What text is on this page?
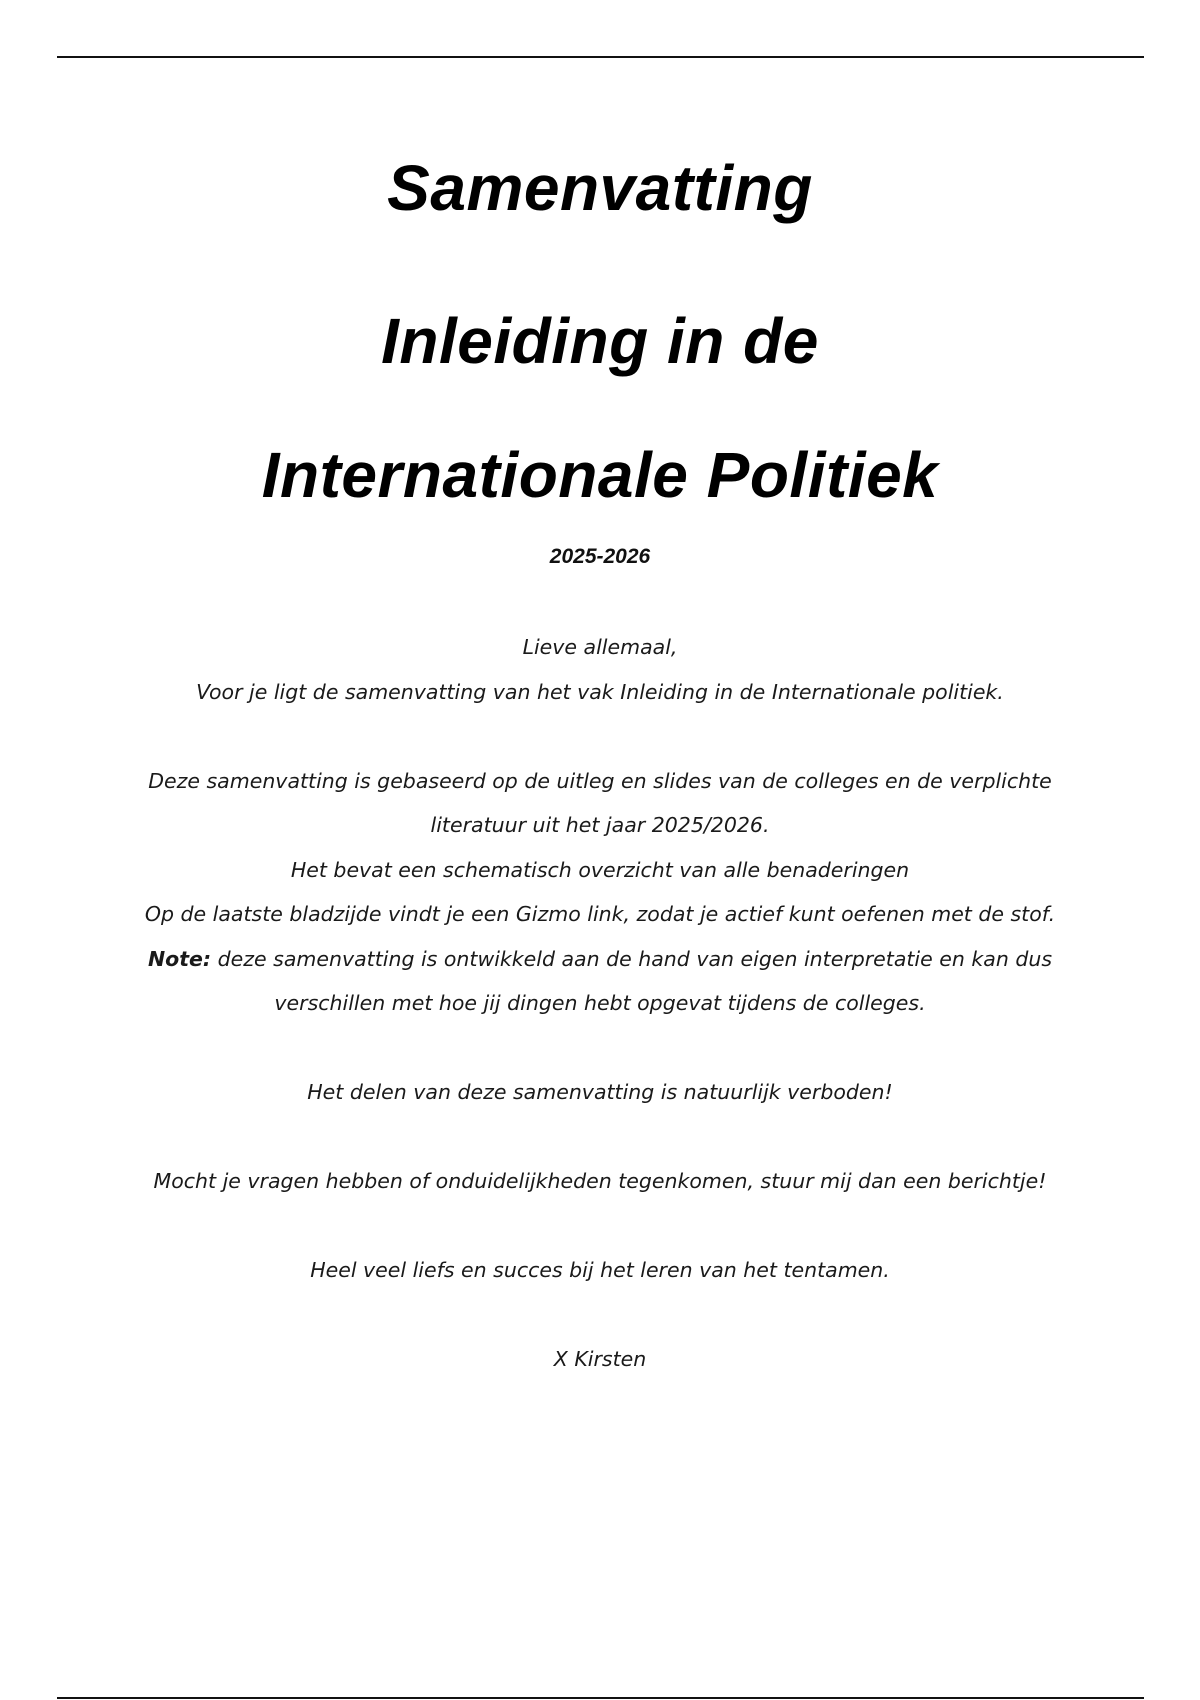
Samenvatting
Inleiding in de
Internationale Politiek
2025-2026

Lieve allemaal,

Voor je ligt de samenvatting van het vak Inleiding in de Internationale politiek.

Deze samenvatting is gebaseerd op de uitleg en slides van de colleges en de verplichte literatuur uit het jaar 2025/2026.

Het bevat een schematisch overzicht van alle benaderingen

Op de laatste bladzijde vindt je een Gizmo link, zodat je actief kunt oefenen met de stof.

Note: deze samenvatting is ontwikkeld aan de hand van eigen interpretatie en kan dus verschillen met hoe jij dingen hebt opgevat tijdens de colleges.

Het delen van deze samenvatting is natuurlijk verboden!

Mocht je vragen hebben of onduidelijkheden tegenkomen, stuur mij dan een berichtje!

Heel veel liefs en succes bij het leren van het tentamen.

X Kirsten
